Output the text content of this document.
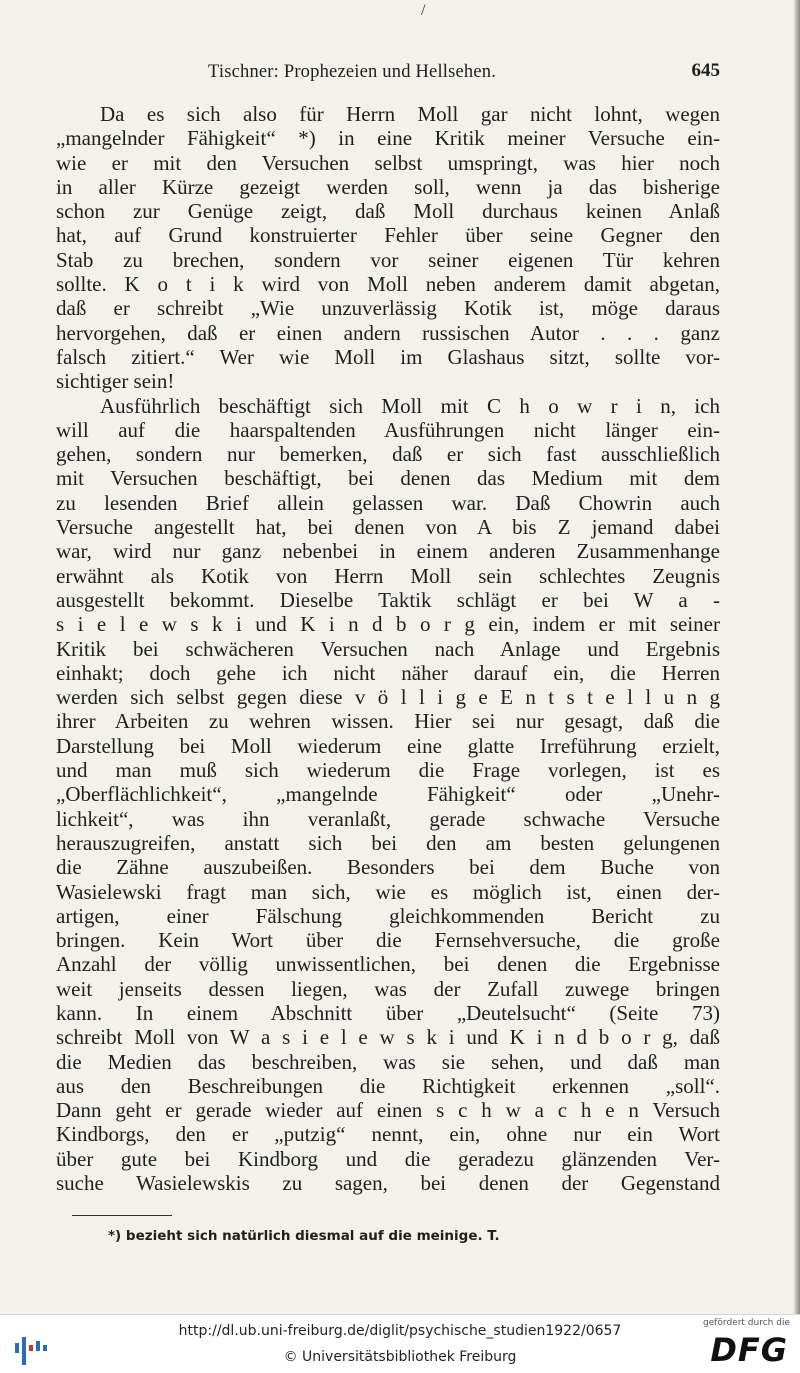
/
Tischner: Prophezeien und Hellsehen.	645
Da es sich also für Herrn Moll gar nicht lohnt, wegen
„mangelnder Fähigkeit“ *) in eine Kritik meiner Versuche ein-
wie er mit den Versuchen selbst umspringt, was hier noch
in aller Kürze gezeigt werden soll, wenn ja das bisherige
schon zur Genüge zeigt, daß Moll durchaus keinen Anlaß
hat, auf Grund konstruierter Fehler über seine Gegner den
Stab zu brechen, sondern vor seiner eigenen Tür kehren
sollte. K o t i k wird von Moll neben anderem damit abgetan,
daß er schreibt „Wie unzuverlässig Kotik ist, möge daraus
hervorgehen, daß er einen andern russischen Autor . . . ganz
falsch zitiert.“ Wer wie Moll im Glashaus sitzt, sollte vor-
sichtiger sein!
Ausführlich beschäftigt sich Moll mit C h o w r i n, ich
will auf die haarspaltenden Ausführungen nicht länger ein-
gehen, sondern nur bemerken, daß er sich fast ausschließlich
mit Versuchen beschäftigt, bei denen das Medium mit dem
zu lesenden Brief allein gelassen war. Daß Chowrin auch
Versuche angestellt hat, bei denen von A bis Z jemand dabei
war, wird nur ganz nebenbei in einem anderen Zusammenhange
erwähnt als Kotik von Herrn Moll sein schlechtes Zeugnis
ausgestellt bekommt. Dieselbe Taktik schlägt er bei W a -
s i e l e w s k i und K i n d b o r g ein, indem er mit seiner
Kritik bei schwächeren Versuchen nach Anlage und Ergebnis
einhakt; doch gehe ich nicht näher darauf ein, die Herren
werden sich selbst gegen diese v ö l l i g e E n t s t e l l u n g
ihrer Arbeiten zu wehren wissen. Hier sei nur gesagt, daß die
Darstellung bei Moll wiederum eine glatte Irreführung erzielt,
und man muß sich wiederum die Frage vorlegen, ist es
„Oberflächlichkeit“, „mangelnde Fähigkeit“ oder „Unehr-
lichkeit“, was ihn veranlaßt, gerade schwache Versuche
herauszugreifen, anstatt sich bei den am besten gelungenen
die Zähne auszubeißen. Besonders bei dem Buche von
Wasielewski fragt man sich, wie es möglich ist, einen der-
artigen, einer Fälschung gleichkommenden Bericht zu
bringen. Kein Wort über die Fernsehversuche, die große
Anzahl der völlig unwissentlichen, bei denen die Ergebnisse
weit jenseits dessen liegen, was der Zufall zuwege bringen
kann. In einem Abschnitt über „Deutelsucht“ (Seite 73)
schreibt Moll von W a s i e l e w s k i und K i n d b o r g, daß
die Medien das beschreiben, was sie sehen, und daß man
aus den Beschreibungen die Richtigkeit erkennen „soll“.
Dann geht er gerade wieder auf einen s c h w a c h e n Versuch
Kindborgs, den er „putzig“ nennt, ein, ohne nur ein Wort
über gute bei Kindborg und die geradezu glänzenden Ver-
suche Wasielewskis zu sagen, bei denen der Gegenstand
*) bezieht sich natürlich diesmal auf die meinige. T.
http://dl.ub.uni-freiburg.de/diglit/psychische_studien1922/0657
© Universitätsbibliothek Freiburg
gefördert durch die
DFG
